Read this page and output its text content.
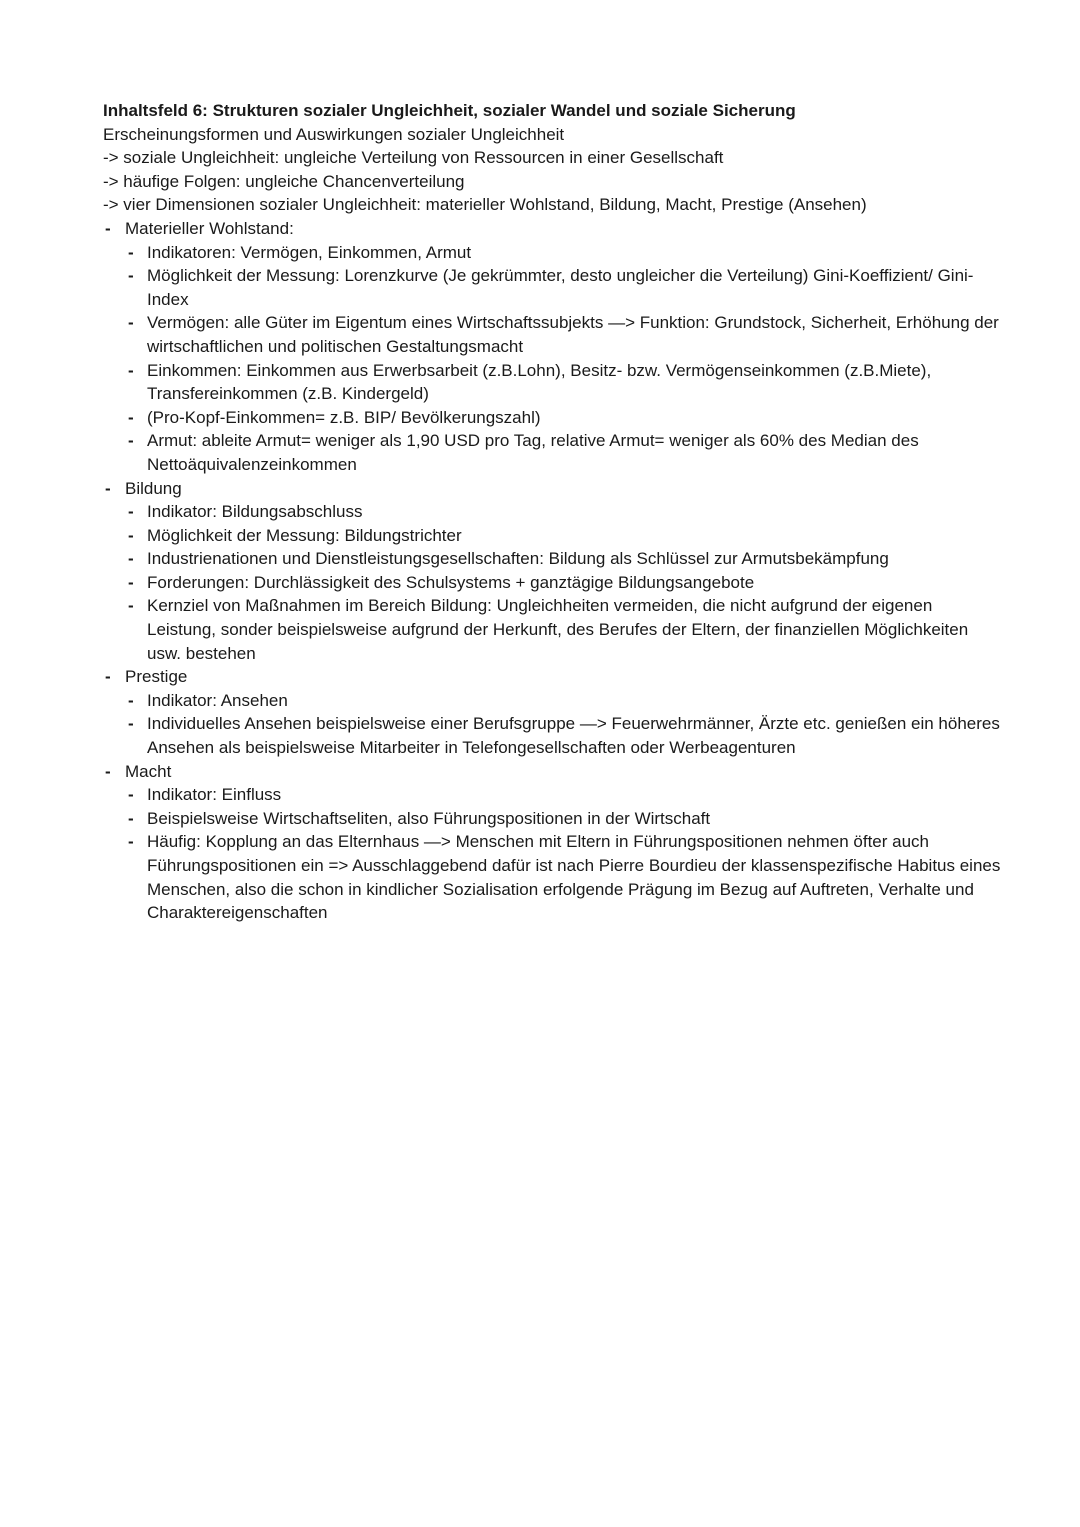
Inhaltsfeld 6: Strukturen sozialer Ungleichheit, sozialer Wandel und soziale Sicherung
Erscheinungsformen und Auswirkungen sozialer Ungleichheit
-> soziale Ungleichheit: ungleiche Verteilung von Ressourcen in einer Gesellschaft
-> häufige Folgen: ungleiche Chancenverteilung
-> vier Dimensionen sozialer Ungleichheit: materieller Wohlstand, Bildung, Macht, Prestige (Ansehen)
- Materieller Wohlstand:
- Indikatoren: Vermögen, Einkommen, Armut
- Möglichkeit der Messung: Lorenzkurve (Je gekrümmter, desto ungleicher die Verteilung) Gini-Koeffizient/ Gini-Index
- Vermögen: alle Güter im Eigentum eines Wirtschaftssubjekts —> Funktion: Grundstock, Sicherheit, Erhöhung der wirtschaftlichen und politischen Gestaltungsmacht
- Einkommen: Einkommen aus Erwerbsarbeit (z.B.Lohn), Besitz- bzw. Vermögenseinkommen (z.B.Miete), Transfereinkommen (z.B. Kindergeld)
- (Pro-Kopf-Einkommen= z.B. BIP/ Bevölkerungszahl)
- Armut: ableite Armut= weniger als 1,90 USD pro Tag, relative Armut= weniger als 60% des Median des Nettoäquivalenzeinkommen
- Bildung
- Indikator: Bildungsabschluss
- Möglichkeit der Messung: Bildungstrichter
- Industrienationen und Dienstleistungsgesellschaften: Bildung als Schlüssel zur Armutsbekämpfung
- Forderungen: Durchlässigkeit des Schulsystems + ganztägige Bildungsangebote
- Kernziel von Maßnahmen im Bereich Bildung: Ungleichheiten vermeiden, die nicht aufgrund der eigenen Leistung, sonder beispielsweise aufgrund der Herkunft, des Berufes der Eltern, der finanziellen Möglichkeiten usw. bestehen
- Prestige
- Indikator: Ansehen
- Individuelles Ansehen beispielsweise einer Berufsgruppe —> Feuerwehrmänner, Ärzte etc. genießen ein höheres Ansehen als beispielsweise Mitarbeiter in Telefongesellschaften oder Werbeagenturen
- Macht
- Indikator: Einfluss
- Beispielsweise Wirtschaftseliten, also Führungspositionen in der Wirtschaft
- Häufig: Kopplung an das Elternhaus —> Menschen mit Eltern in Führungspositionen nehmen öfter auch Führungspositionen ein => Ausschlaggebend dafür ist nach Pierre Bourdieu der klassenspezifische Habitus eines Menschen, also die schon in kindlicher Sozialisation erfolgende Prägung im Bezug auf Auftreten, Verhalte und Charaktereigenschaften
